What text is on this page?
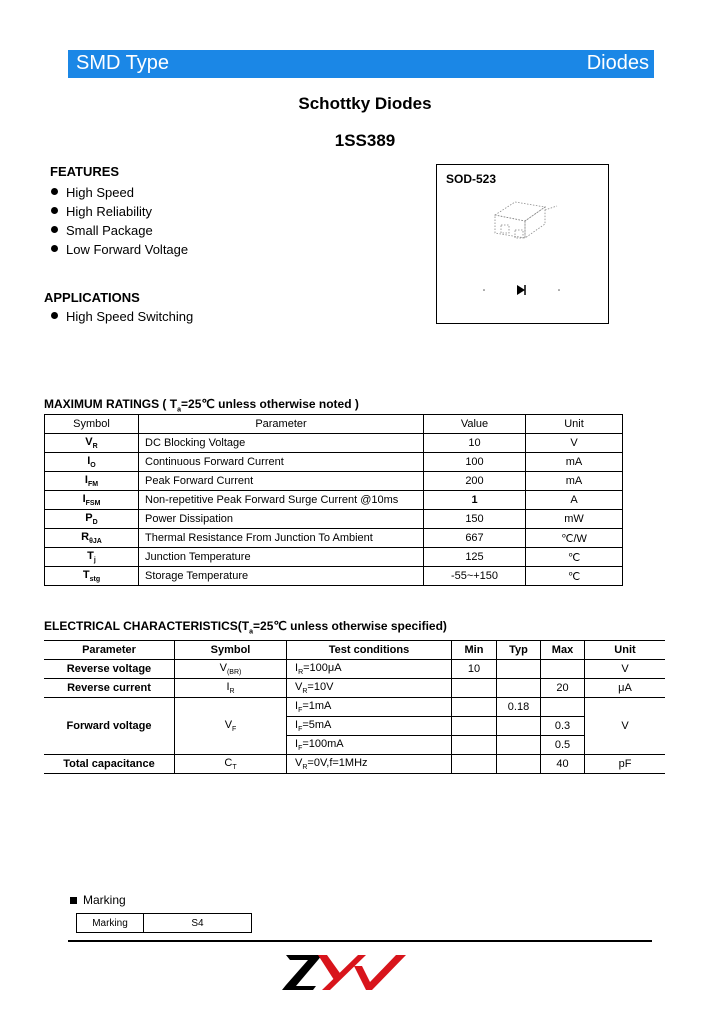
SMD Type	Diodes
Schottky Diodes
1SS389
FEATURES
High Speed
High Reliability
Small Package
Low Forward Voltage
APPLICATIONS
High Speed Switching
SOD-523
MAXIMUM RATINGS ( $T_a=25℃$ unless otherwise noted )
Symbol	Parameter	Value	Unit
$V_R$	DC Blocking Voltage	10	V
$I_O$	Continuous Forward Current	100	mA
$I_{FM}$	Peak Forward Current	200	mA
$I_{FSM}$	Non-repetitive Peak Forward Surge Current @10ms	1	A
$P_D$	Power Dissipation	150	mW
$R_{\theta JA}$	Thermal Resistance From Junction To Ambient	667	℃/W
$T_j$	Junction Temperature	125	℃
$T_{stg}$	Storage Temperature	-55~+150	℃
ELECTRICAL $CHARACTERISTICS(T_a=25℃$ unless otherwise specified)
Parameter	Symbol	Test conditions	Min	Typ	Max	Unit
Reverse voltage	$V_{(BR)}$	$I_R=100\mu A$	10			V
Reverse current	$I_R$	$V_R=10V$			20	μA
		$I_F=1mA$		0.18		
Forward voltage	$V_F$	$I_F=5mA$			0.3	V
		$I_F=100mA$			0.5	
Total capacitance	$C_T$	$V_R=0V,f=1MHz$			40	pF
Marking
Marking	S4
ZXY
